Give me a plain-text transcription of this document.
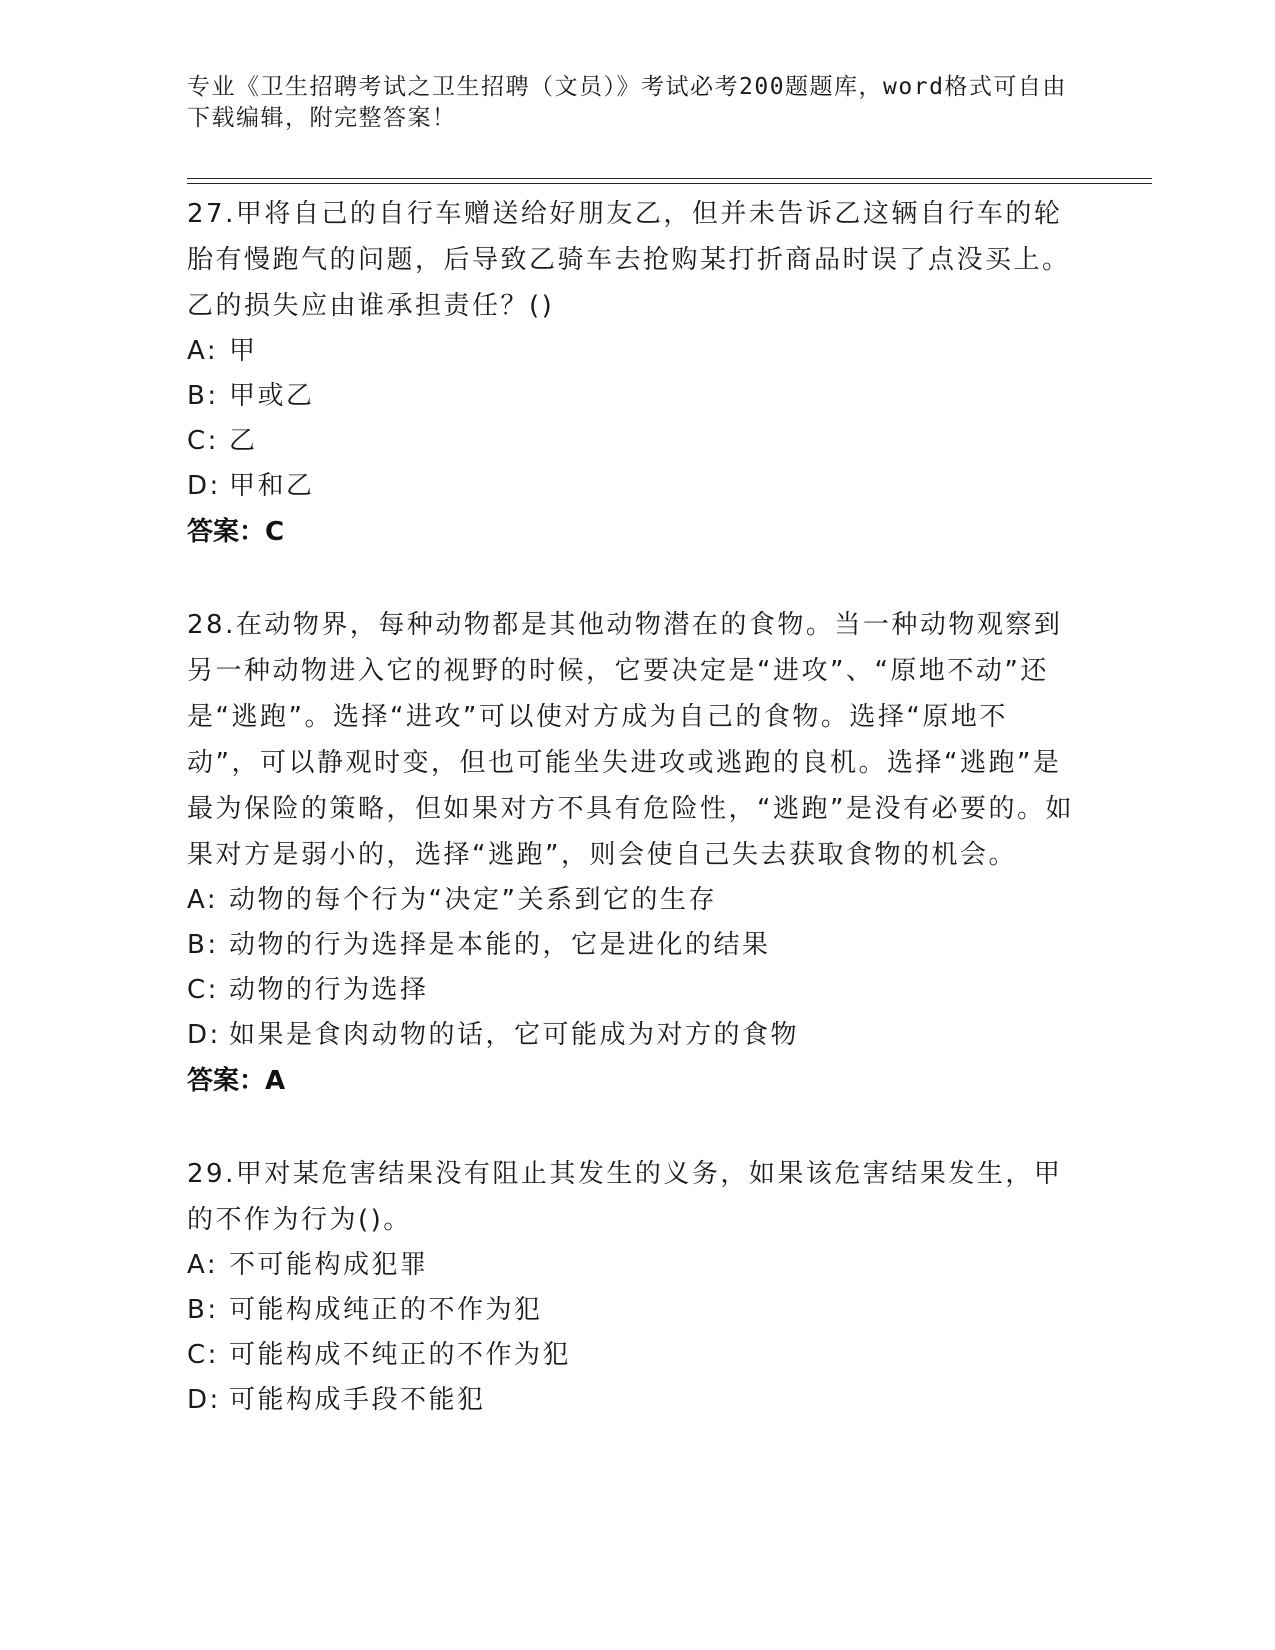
专业《卫生招聘考试之卫生招聘（文员）》考试必考200题题库，word格式可自由下载编辑，附完整答案！

27.甲将自己的自行车赠送给好朋友乙，但并未告诉乙这辆自行车的轮胎有慢跑气的问题，后导致乙骑车去抢购某打折商品时误了点没买上。乙的损失应由谁承担责任？()

A: 甲

B: 甲或乙

C: 乙

D: 甲和乙

答案：C

28.在动物界，每种动物都是其他动物潜在的食物。当一种动物观察到另一种动物进入它的视野的时候，它要决定是“进攻”、“原地不动”还是“逃跑”。选择“进攻”可以使对方成为自己的食物。选择“原地不动”，可以静观时变，但也可能坐失进攻或逃跑的良机。选择“逃跑”是最为保险的策略，但如果对方不具有危险性，“逃跑”是没有必要的。如果对方是弱小的，选择“逃跑”，则会使自己失去获取食物的机会。

A: 动物的每个行为“决定”关系到它的生存

B: 动物的行为选择是本能的，它是进化的结果

C: 动物的行为选择

D: 如果是食肉动物的话，它可能成为对方的食物

答案：A

29.甲对某危害结果没有阻止其发生的义务，如果该危害结果发生，甲的不作为行为()。

A: 不可能构成犯罪

B: 可能构成纯正的不作为犯

C: 可能构成不纯正的不作为犯

D: 可能构成手段不能犯
